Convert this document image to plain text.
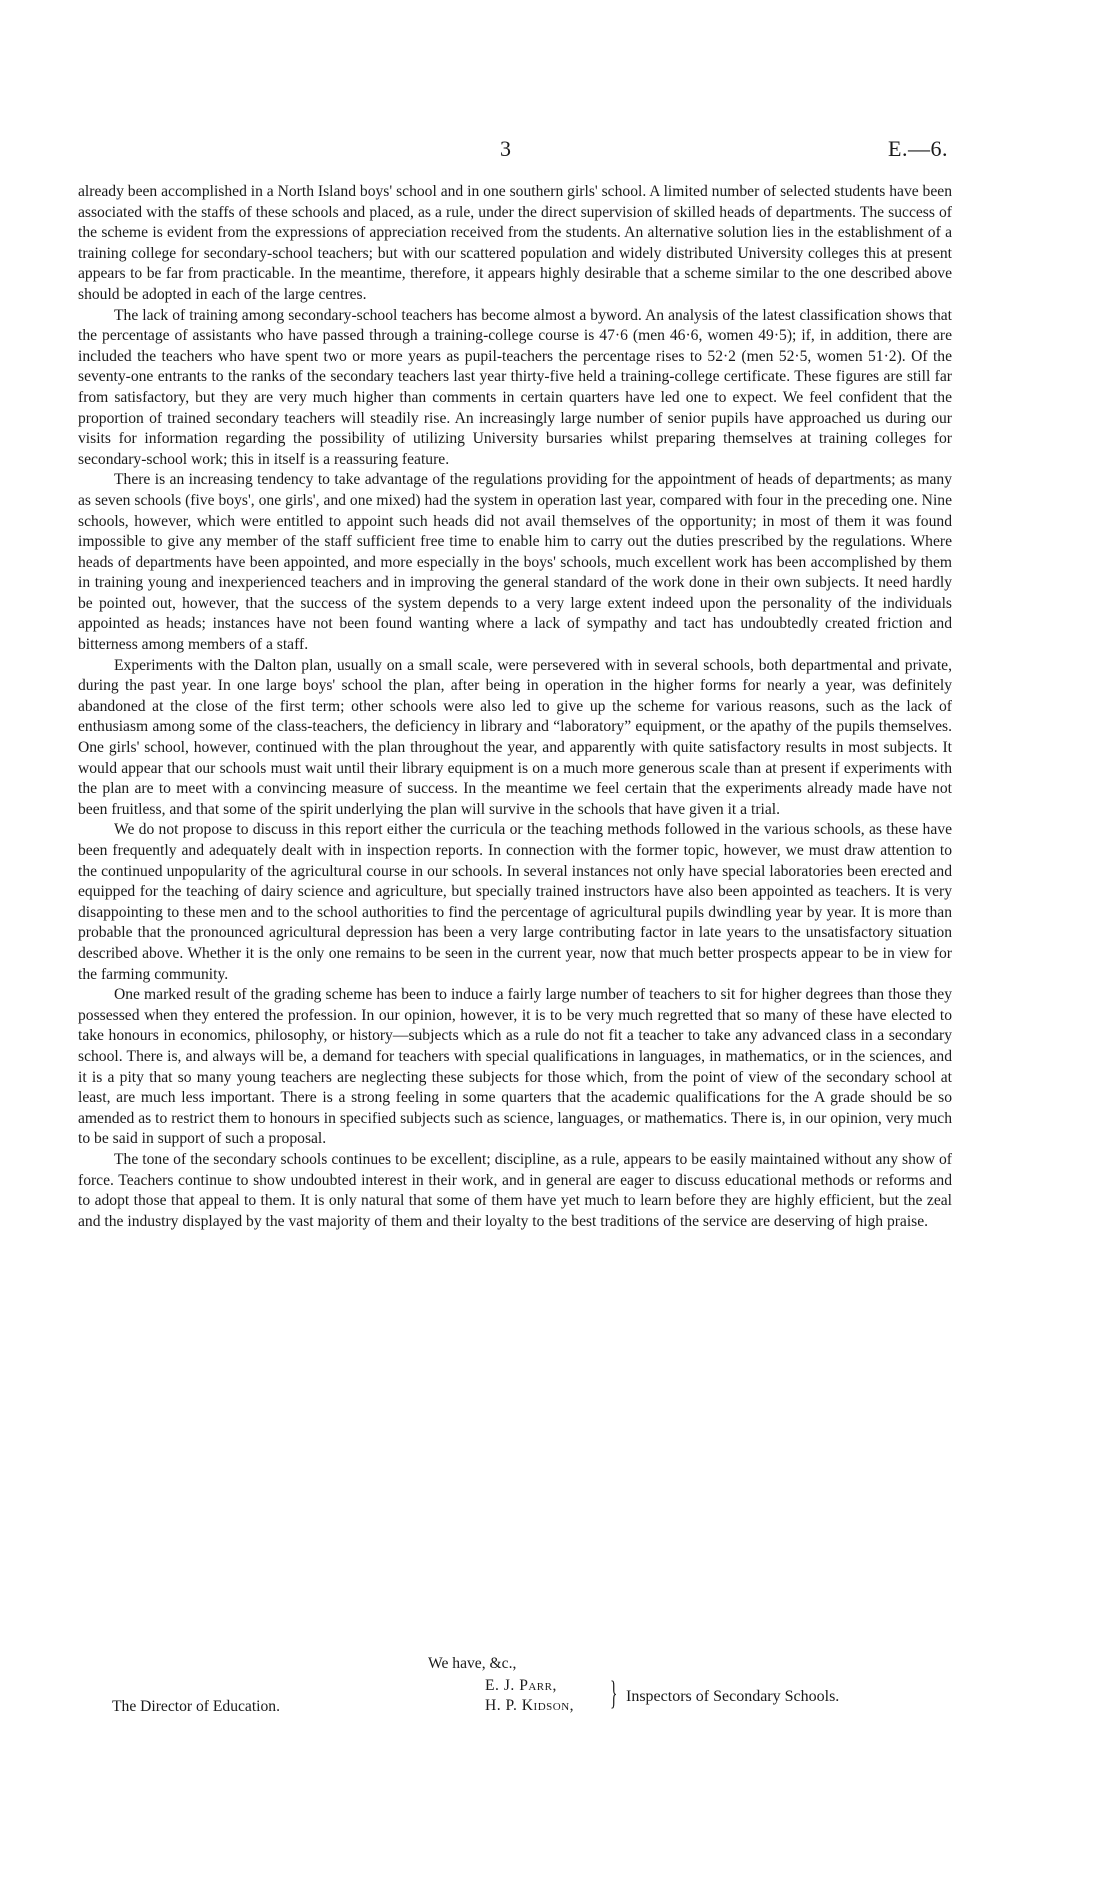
3	E.—6.

already been accomplished in a North Island boys' school and in one southern girls' school. A limited number of selected students have been associated with the staffs of these schools and placed, as a rule, under the direct supervision of skilled heads of departments. The success of the scheme is evident from the expressions of appreciation received from the students. An alternative solution lies in the establishment of a training college for secondary-school teachers; but with our scattered population and widely distributed University colleges this at present appears to be far from practicable. In the meantime, therefore, it appears highly desirable that a scheme similar to the one described above should be adopted in each of the large centres.

The lack of training among secondary-school teachers has become almost a byword. An analysis of the latest classification shows that the percentage of assistants who have passed through a training-college course is 47·6 (men 46·6, women 49·5); if, in addition, there are included the teachers who have spent two or more years as pupil-teachers the percentage rises to 52·2 (men 52·5, women 51·2). Of the seventy-one entrants to the ranks of the secondary teachers last year thirty-five held a training-college certificate. These figures are still far from satisfactory, but they are very much higher than comments in certain quarters have led one to expect. We feel confident that the proportion of trained secondary teachers will steadily rise. An increasingly large number of senior pupils have approached us during our visits for information regarding the possibility of utilizing University bursaries whilst preparing themselves at training colleges for secondary-school work; this in itself is a reassuring feature.

There is an increasing tendency to take advantage of the regulations providing for the appointment of heads of departments; as many as seven schools (five boys', one girls', and one mixed) had the system in operation last year, compared with four in the preceding one. Nine schools, however, which were entitled to appoint such heads did not avail themselves of the opportunity; in most of them it was found impossible to give any member of the staff sufficient free time to enable him to carry out the duties prescribed by the regulations. Where heads of departments have been appointed, and more especially in the boys' schools, much excellent work has been accomplished by them in training young and inexperienced teachers and in improving the general standard of the work done in their own subjects. It need hardly be pointed out, however, that the success of the system depends to a very large extent indeed upon the personality of the individuals appointed as heads; instances have not been found wanting where a lack of sympathy and tact has undoubtedly created friction and bitterness among members of a staff.

Experiments with the Dalton plan, usually on a small scale, were persevered with in several schools, both departmental and private, during the past year. In one large boys' school the plan, after being in operation in the higher forms for nearly a year, was definitely abandoned at the close of the first term; other schools were also led to give up the scheme for various reasons, such as the lack of enthusiasm among some of the class-teachers, the deficiency in library and “laboratory” equipment, or the apathy of the pupils themselves. One girls' school, however, continued with the plan throughout the year, and apparently with quite satisfactory results in most subjects. It would appear that our schools must wait until their library equipment is on a much more generous scale than at present if experiments with the plan are to meet with a convincing measure of success. In the meantime we feel certain that the experiments already made have not been fruitless, and that some of the spirit underlying the plan will survive in the schools that have given it a trial.

We do not propose to discuss in this report either the curricula or the teaching methods followed in the various schools, as these have been frequently and adequately dealt with in inspection reports. In connection with the former topic, however, we must draw attention to the continued unpopularity of the agricultural course in our schools. In several instances not only have special laboratories been erected and equipped for the teaching of dairy science and agriculture, but specially trained instructors have also been appointed as teachers. It is very disappointing to these men and to the school authorities to find the percentage of agricultural pupils dwindling year by year. It is more than probable that the pronounced agricultural depression has been a very large contributing factor in late years to the unsatisfactory situation described above. Whether it is the only one remains to be seen in the current year, now that much better prospects appear to be in view for the farming community.

One marked result of the grading scheme has been to induce a fairly large number of teachers to sit for higher degrees than those they possessed when they entered the profession. In our opinion, however, it is to be very much regretted that so many of these have elected to take honours in economics, philosophy, or history—subjects which as a rule do not fit a teacher to take any advanced class in a secondary school. There is, and always will be, a demand for teachers with special qualifications in languages, in mathematics, or in the sciences, and it is a pity that so many young teachers are neglecting these subjects for those which, from the point of view of the secondary school at least, are much less important. There is a strong feeling in some quarters that the academic qualifications for the A grade should be so amended as to restrict them to honours in specified subjects such as science, languages, or mathematics. There is, in our opinion, very much to be said in support of such a proposal.

The tone of the secondary schools continues to be excellent; discipline, as a rule, appears to be easily maintained without any show of force. Teachers continue to show undoubted interest in their work, and in general are eager to discuss educational methods or reforms and to adopt those that appeal to them. It is only natural that some of them have yet much to learn before they are highly efficient, but the zeal and the industry displayed by the vast majority of them and their loyalty to the best traditions of the service are deserving of high praise.

We have, &c.,
The Director of Education.
E. J. Parr,
H. P. Kidson, } Inspectors of Secondary Schools.
